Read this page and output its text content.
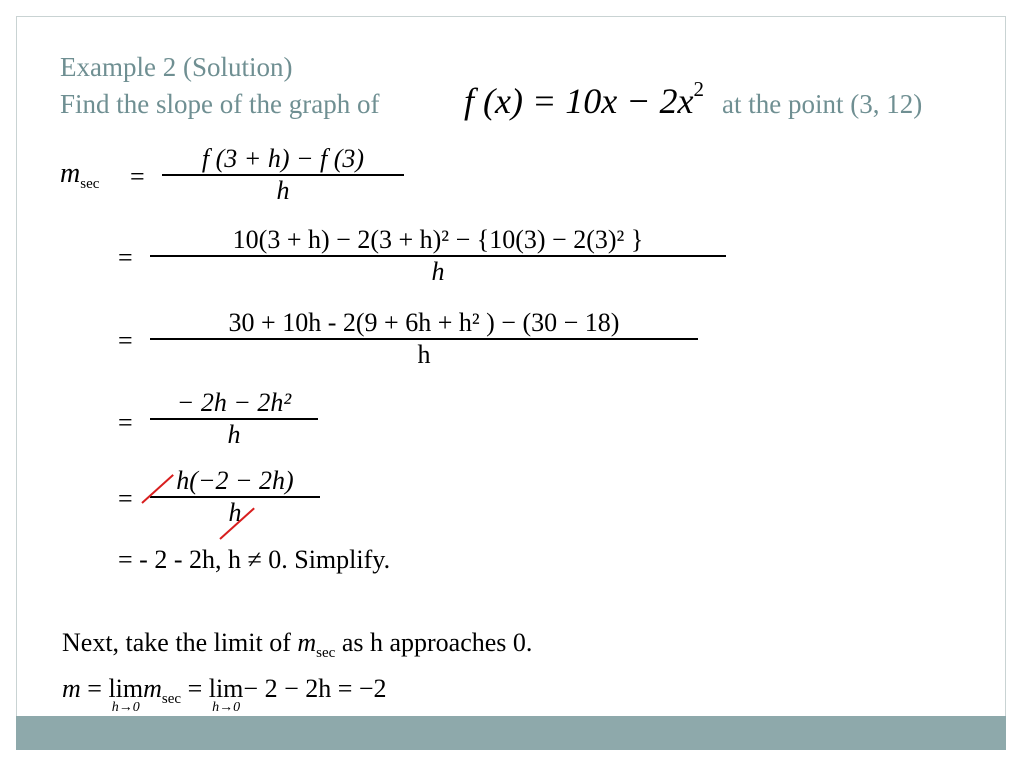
Example 2 (Solution)
Find the slope of the graph of f $(x) = 10x - 2x^2$ at the point (3, 12)
$m_{sec}$ =
f (3 + h) − f (3)
h
=
10(3 + h) − 2(3 + h)² − {10(3) − 2(3)² }
h
=
30 + 10h - 2(9 + 6h + h² ) − (30 − 18)
h
=
− 2h − 2h²
h
=
h(−2 − 2h)
h
= - 2 - 2h, h ≠ 0. Simplify.
Next, take the limit of $m_{sec}$ as h approaches 0.
m = lim
h→0
$m_{sec} = \lim$
h→0
− 2 − 2h = −2
